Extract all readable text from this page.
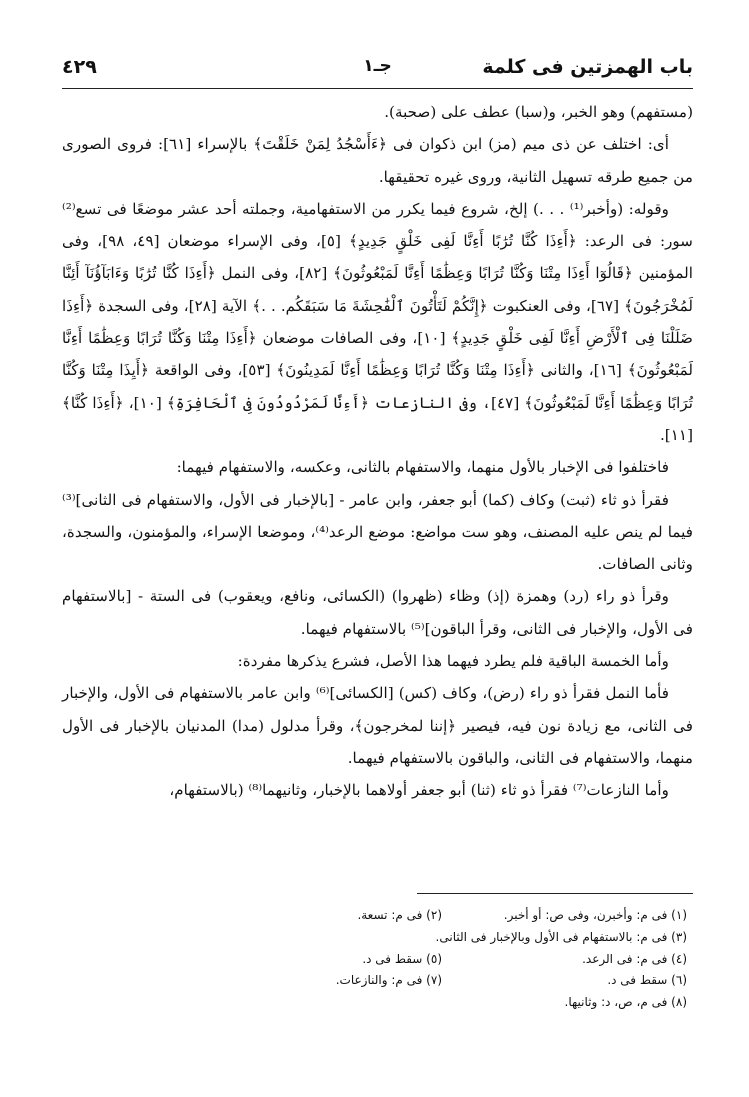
باب الهمزتين فى كلمة
جـ١
٤٢٩

(مستفهم) وهو الخبر، و(سبا) عطف على (صحبة).

أى: اختلف عن ذى ميم (مز) ابن ذكوان فى ﴿ءَأَسْجُدُ لِمَنْ خَلَقْتَ﴾ بالإسراء [٦١]: فروى الصورى من جميع طرقه تسهيل الثانية، وروى غيره تحقيقها.

وقوله: (وأخبر⁽¹⁾ . . .) إلخ، شروع فيما يكرر من الاستفهامية، وجملته أحد عشر موضعًا فى تسع⁽²⁾ سور: فى الرعد: ﴿أَءِذَا كُنَّا تُرَٰبًا أَءِنَّا لَفِى خَلْقٍ جَدِيدٍ﴾ [٥]، وفى الإسراء موضعان [٤٩، ٩٨]، وفى المؤمنين ﴿قَالُوٓا أَءِذَا مِتْنَا وَكُنَّا تُرَابًا وَعِظَٰمًا أَءِنَّا لَمَبْعُوثُونَ﴾ [٨٢]، وفى النمل ﴿أَءِذَا كُنَّا تُرَٰبًا وَءَابَآؤُنَآ أَئِنَّا لَمُخْرَجُونَ﴾ [٦٧]، وفى العنكبوت ﴿إِنَّكُمْ لَتَأْتُونَ ٱلْفَٰحِشَةَ مَا سَبَقَكُم. . .﴾ الآية [٢٨]، وفى السجدة ﴿أَءِذَا ضَلَلْنَا فِى ٱلْأَرْضِ أَءِنَّا لَفِى خَلْقٍ جَدِيدٍ﴾ [١٠]، وفى الصافات موضعان ﴿أَءِذَا مِتْنَا وَكُنَّا تُرَابًا وَعِظَٰمًا أَءِنَّا لَمَبْعُوثُونَ﴾ [١٦]، والثانى ﴿أَءِذَا مِتْنَا وَكُنَّا تُرَابًا وَعِظَٰمًا أَءِنَّا لَمَدِينُونَ﴾ [٥٣]، وفى الواقعة ﴿أَيِذَا مِتْنَا وَكُنَّا تُرَابًا وَعِظَٰمًا أَءِنَّا لَمَبْعُوثُونَ﴾ [٤٧]، وفى النازعات ﴿أَءِنَّا لَمَرْدُودُونَ فِى ٱلْحَافِرَةِ﴾ [١٠]، ﴿أَءِذَا كُنَّا﴾ [١١].

فاختلفوا فى الإخبار بالأول منهما، والاستفهام بالثانى، وعكسه، والاستفهام فيهما:

فقرأ ذو ثاء (ثبت) وكاف (كما) أبو جعفر، وابن عامر - [بالإخبار فى الأول، والاستفهام فى الثانى]⁽³⁾ فيما لم ينص عليه المصنف، وهو ست مواضع: موضع الرعد⁽⁴⁾، وموضعا الإسراء، والمؤمنون، والسجدة، وثانى الصافات.

وقرأ ذو راء (رد) وهمزة (إذ) وظاء (ظهروا) (الكسائى، ونافع، ويعقوب) فى الستة - [بالاستفهام فى الأول، والإخبار فى الثانى، وقرأ الباقون]⁽⁵⁾ بالاستفهام فيهما.

وأما الخمسة الباقية فلم يطرد فيهما هذا الأصل، فشرع يذكرها مفردة:

فأما النمل فقرأ ذو راء (رض)، وكاف (كس) [الكسائى]⁽⁶⁾ وابن عامر بالاستفهام فى الأول، والإخبار فى الثانى، مع زيادة نون فيه، فيصير ﴿إننا لمخرجون﴾، وقرأ مدلول (مدا) المدنيان بالإخبار فى الأول منهما، والاستفهام فى الثانى، والباقون بالاستفهام فيهما.

وأما النازعات⁽⁷⁾ فقرأ ذو ثاء (ثنا) أبو جعفر أولاهما بالإخبار، وثانيهما⁽⁸⁾ (بالاستفهام،

(١) فى م: وأخبرن، وفى ص: أو أخبر.
(٢) فى م: تسعة.
(٣) فى م: بالاستفهام فى الأول وبالإخبار فى الثانى.
(٤) فى م: فى الرعد.
(٥) سقط فى د.
(٦) سقط فى د.
(٧) فى م: والنازعات.
(٨) فى م، ص، د: وثانيها.
